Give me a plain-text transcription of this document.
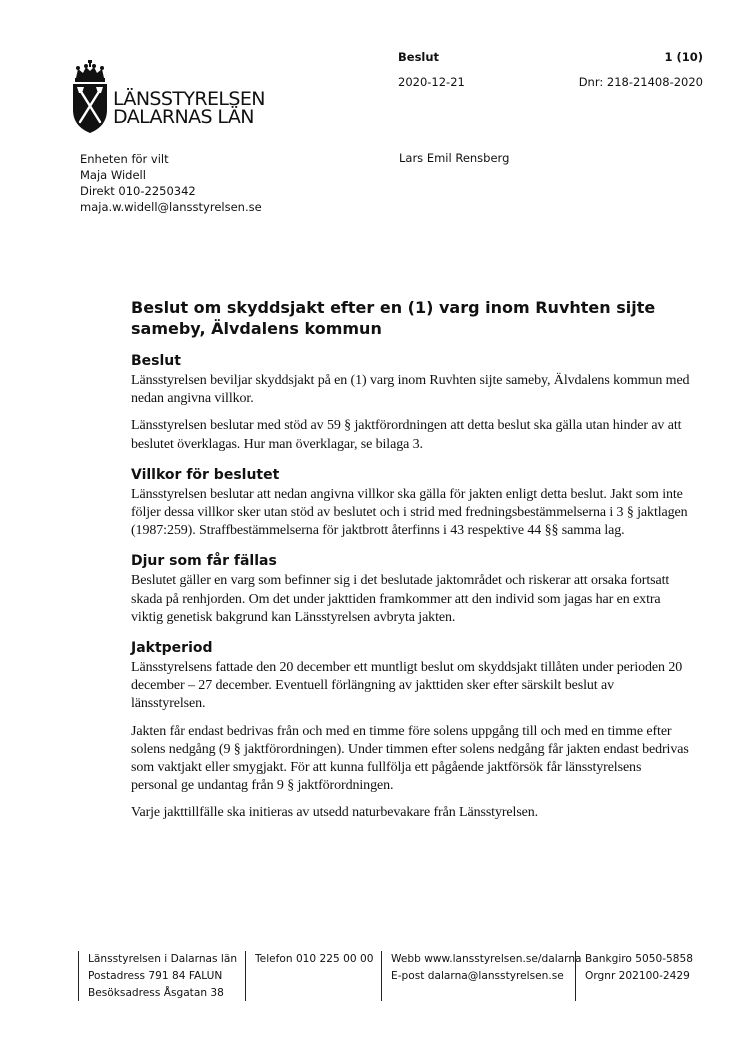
LÄNSSTYRELSEN
DALARNAS LÄN
Beslut	1 (10)
2020-12-21	Dnr: 218-21408-2020
Enheten för vilt
Maja Widell
Direkt 010-2250342
maja.w.widell@lansstyrelsen.se
Lars Emil Rensberg
Beslut om skyddsjakt efter en (1) varg inom Ruvhten sijte sameby, Älvdalens kommun
Beslut

Länsstyrelsen beviljar skyddsjakt på en (1) varg inom Ruvhten sijte sameby, Älvdalens kommun med nedan angivna villkor.

Länsstyrelsen beslutar med stöd av 59 § jaktförordningen att detta beslut ska gälla utan hinder av att beslutet överklagas. Hur man överklagar, se bilaga 3.

Villkor för beslutet

Länsstyrelsen beslutar att nedan angivna villkor ska gälla för jakten enligt detta beslut. Jakt som inte följer dessa villkor sker utan stöd av beslutet och i strid med fredningsbestämmelserna i 3 § jaktlagen (1987:259). Straffbestämmelserna för jaktbrott återfinns i 43 respektive 44 §§ samma lag.

Djur som får fällas

Beslutet gäller en varg som befinner sig i det beslutade jaktområdet och riskerar att orsaka fortsatt skada på renhjorden. Om det under jakttiden framkommer att den individ som jagas har en extra viktig genetisk bakgrund kan Länsstyrelsen avbryta jakten.

Jaktperiod

Länsstyrelsens fattade den 20 december ett muntligt beslut om skyddsjakt tillåten under perioden 20 december – 27 december. Eventuell förlängning av jakttiden sker efter särskilt beslut av länsstyrelsen.

Jakten får endast bedrivas från och med en timme före solens uppgång till och med en timme efter solens nedgång (9 § jaktförordningen). Under timmen efter solens nedgång får jakten endast bedrivas som vaktjakt eller smygjakt. För att kunna fullfölja ett pågående jaktförsök får länsstyrelsens personal ge undantag från 9 § jaktförordningen.

Varje jakttillfälle ska initieras av utsedd naturbevakare från Länsstyrelsen.

Länsstyrelsen i Dalarnas län
Postadress 791 84 FALUN
Besöksadress Åsgatan 38
Telefon 010 225 00 00 Webb www.lansstyrelsen.se/dalarna
E-post dalarna@lansstyrelsen.se
Bankgiro 5050-5858
Orgnr 202100-2429
